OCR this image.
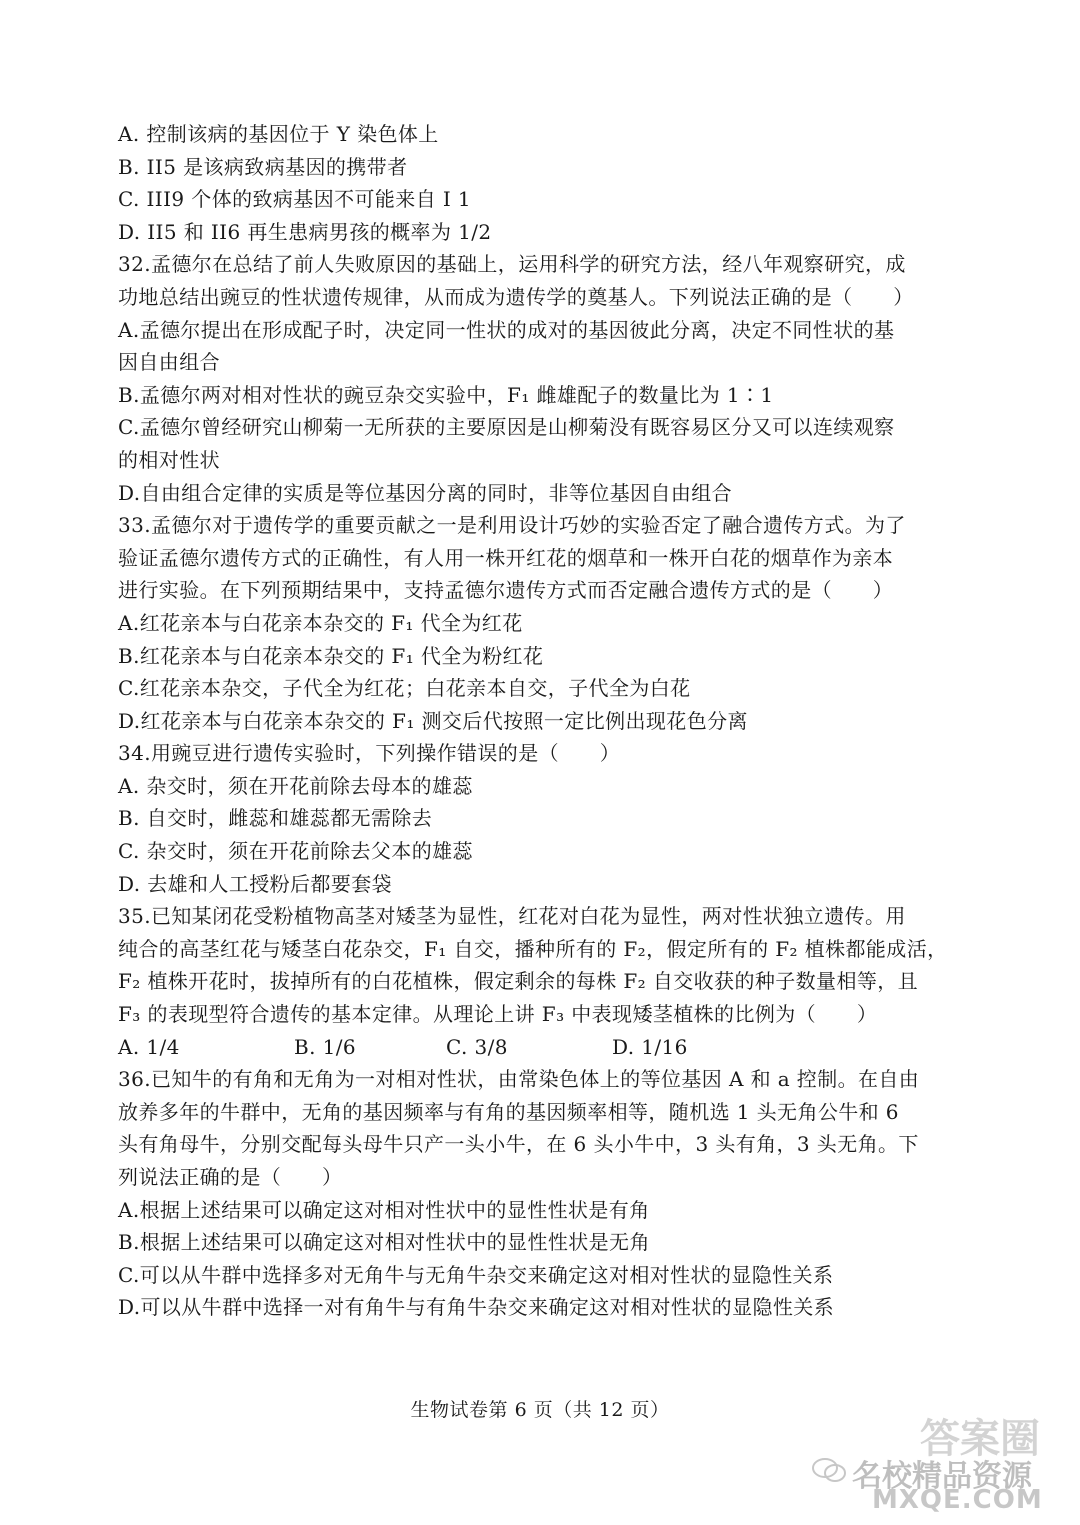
A. 控制该病的基因位于 Y 染色体上
B. II5 是该病致病基因的携带者
C. III9 个体的致病基因不可能来自 I 1
D. II5 和 II6 再生患病男孩的概率为 1/2
32.孟德尔在总结了前人失败原因的基础上，运用科学的研究方法，经八年观察研究，成
功地总结出豌豆的性状遗传规律，从而成为遗传学的奠基人。下列说法正确的是（　　）
A.孟德尔提出在形成配子时，决定同一性状的成对的基因彼此分离，决定不同性状的基
因自由组合
B.孟德尔两对相对性状的豌豆杂交实验中，F₁ 雌雄配子的数量比为 1∶1
C.孟德尔曾经研究山柳菊一无所获的主要原因是山柳菊没有既容易区分又可以连续观察
的相对性状
D.自由组合定律的实质是等位基因分离的同时，非等位基因自由组合
33.孟德尔对于遗传学的重要贡献之一是利用设计巧妙的实验否定了融合遗传方式。为了
验证孟德尔遗传方式的正确性，有人用一株开红花的烟草和一株开白花的烟草作为亲本
进行实验。在下列预期结果中，支持孟德尔遗传方式而否定融合遗传方式的是（　　）
A.红花亲本与白花亲本杂交的 F₁ 代全为红花
B.红花亲本与白花亲本杂交的 F₁ 代全为粉红花
C.红花亲本杂交，子代全为红花；白花亲本自交，子代全为白花
D.红花亲本与白花亲本杂交的 F₁ 测交后代按照一定比例出现花色分离
34.用豌豆进行遗传实验时，下列操作错误的是（　　）
A. 杂交时，须在开花前除去母本的雄蕊
B. 自交时，雌蕊和雄蕊都无需除去
C. 杂交时，须在开花前除去父本的雄蕊
D. 去雄和人工授粉后都要套袋
35.已知某闭花受粉植物高茎对矮茎为显性，红花对白花为显性，两对性状独立遗传。用
纯合的高茎红花与矮茎白花杂交，F₁ 自交，播种所有的 F₂，假定所有的 F₂ 植株都能成活，
F₂ 植株开花时，拔掉所有的白花植株，假定剩余的每株 F₂ 自交收获的种子数量相等，且
F₃ 的表现型符合遗传的基本定律。从理论上讲 F₃ 中表现矮茎植株的比例为（　　）
A. 1/4	B. 1/6	C. 3/8	D. 1/16
36.已知牛的有角和无角为一对相对性状，由常染色体上的等位基因 A 和 a 控制。在自由
放养多年的牛群中，无角的基因频率与有角的基因频率相等，随机选 1 头无角公牛和 6
头有角母牛，分别交配每头母牛只产一头小牛，在 6 头小牛中，3 头有角，3 头无角。下
列说法正确的是（　　）
A.根据上述结果可以确定这对相对性状中的显性性状是有角
B.根据上述结果可以确定这对相对性状中的显性性状是无角
C.可以从牛群中选择多对无角牛与无角牛杂交来确定这对相对性状的显隐性关系
D.可以从牛群中选择一对有角牛与有角牛杂交来确定这对相对性状的显隐性关系
生物试卷第 6 页（共 12 页）
答案圈
名校精品资源
MXQE.COM
